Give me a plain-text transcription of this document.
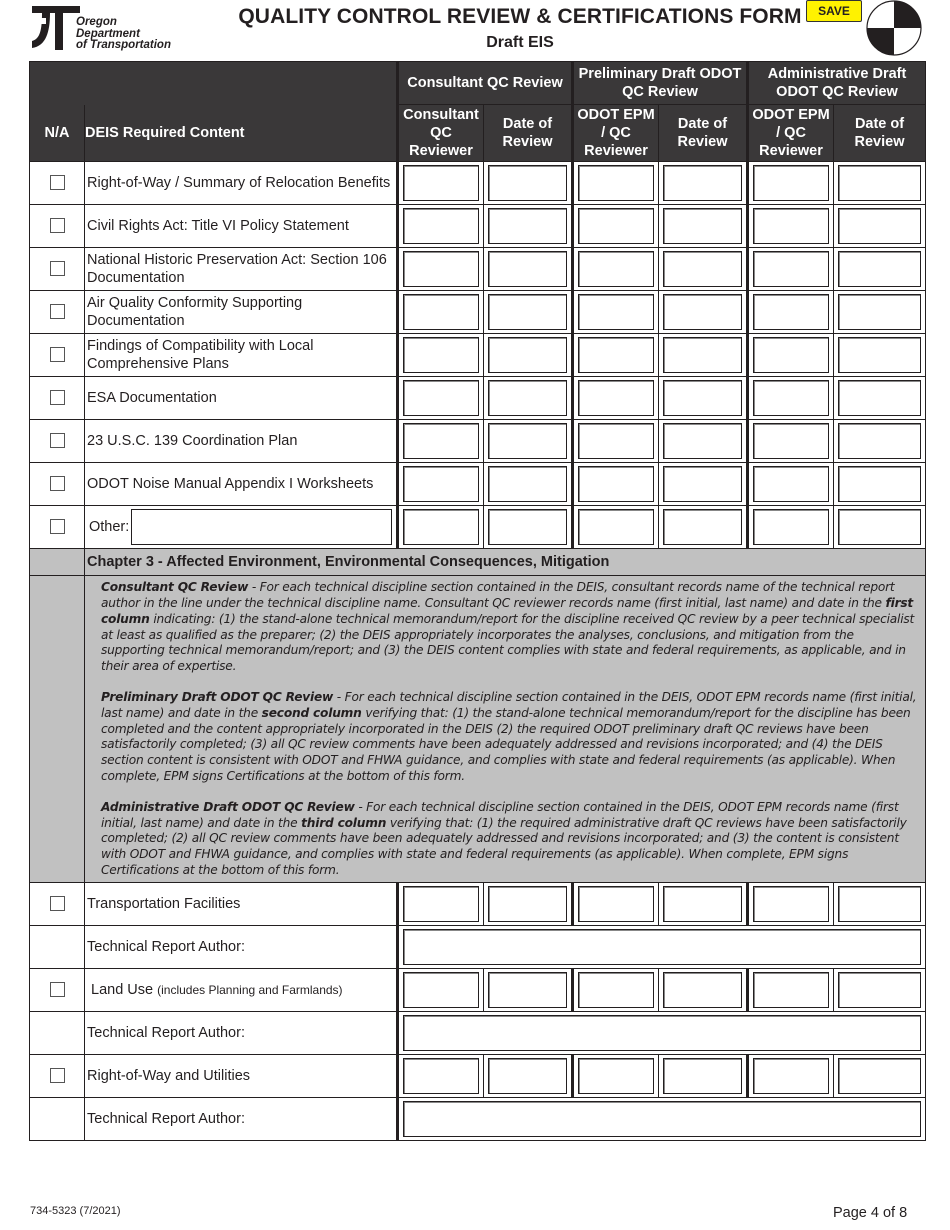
Oregon
Department
of Transportation
QUALITY CONTROL REVIEW & CERTIFICATIONS FORM
Draft EIS
SAVE
		Consultant QC Review		Preliminary Draft ODOT QC Review		Administrative Draft ODOT QC Review	
N/A	DEIS Required Content	Consultant QC Reviewer	Date of Review	ODOT EPM / QC Reviewer	Date of Review	ODOT EPM / QC Reviewer	Date of Review
	Right-of-Way / Summary of Relocation Benefits	

	Civil Rights Act: Title VI Policy Statement	

	National Historic Preservation Act: Section 106 Documentation	

	Air Quality Conformity Supporting Documentation	

	Findings of Compatibility with Local Comprehensive Plans	

	ESA Documentation	

	23 U.S.C. 139 Coordination Plan	

	ODOT Noise Manual Appendix I Worksheets	

	Other:						

	Chapter 3 - Affected Environment, Environmental Consequences, Mitigation						

	Consultant QC Review - For each technical discipline section contained in the DEIS, consultant records name of the technical report author in the line under the technical discipline name. Consultant QC reviewer records name (first initial, last name) and date in the first column indicating: (1) the stand-alone technical memorandum/report for the discipline received QC review by a peer technical specialist at least as qualified as the preparer; (2) the DEIS appropriately incorporates the analyses, conclusions, and mitigation from the supporting technical memorandum/report; and (3) the DEIS content complies with state and federal requirements, as applicable, and in their area of expertise.

Preliminary Draft ODOT QC Review - For each technical discipline section contained in the DEIS, ODOT EPM records name (first initial, last name) and date in the second column verifying that: (1) the stand-alone technical memorandum/report for the discipline has been completed and the content appropriately incorporated in the DEIS (2) the required ODOT preliminary draft QC reviews have been satisfactorily completed; (3) all QC review comments have been adequately addressed and revisions incorporated; and (4) the DEIS section content is consistent with ODOT and FHWA guidance, and complies with state and federal requirements (as applicable). When complete, EPM signs Certifications at the bottom of this form.

Administrative Draft ODOT QC Review - For each technical discipline section contained in the DEIS, ODOT EPM records name (first initial, last name) and date in the third column verifying that: (1) the required administrative draft QC reviews have been satisfactorily completed; (2) all QC review comments have been adequately addressed and revisions incorporated; and (3) the content is consistent with ODOT and FHWA guidance, and complies with state and federal requirements (as applicable). When complete, EPM signs Certifications at the bottom of this form.						

	Transportation Facilities	

	Technical Report Author:						

	Land Use (includes Planning and Farmlands)	

	Technical Report Author:						

	Right-of-Way and Utilities	

	Technical Report Author:						
734-5323 (7/2021)	Page 4 of 8
